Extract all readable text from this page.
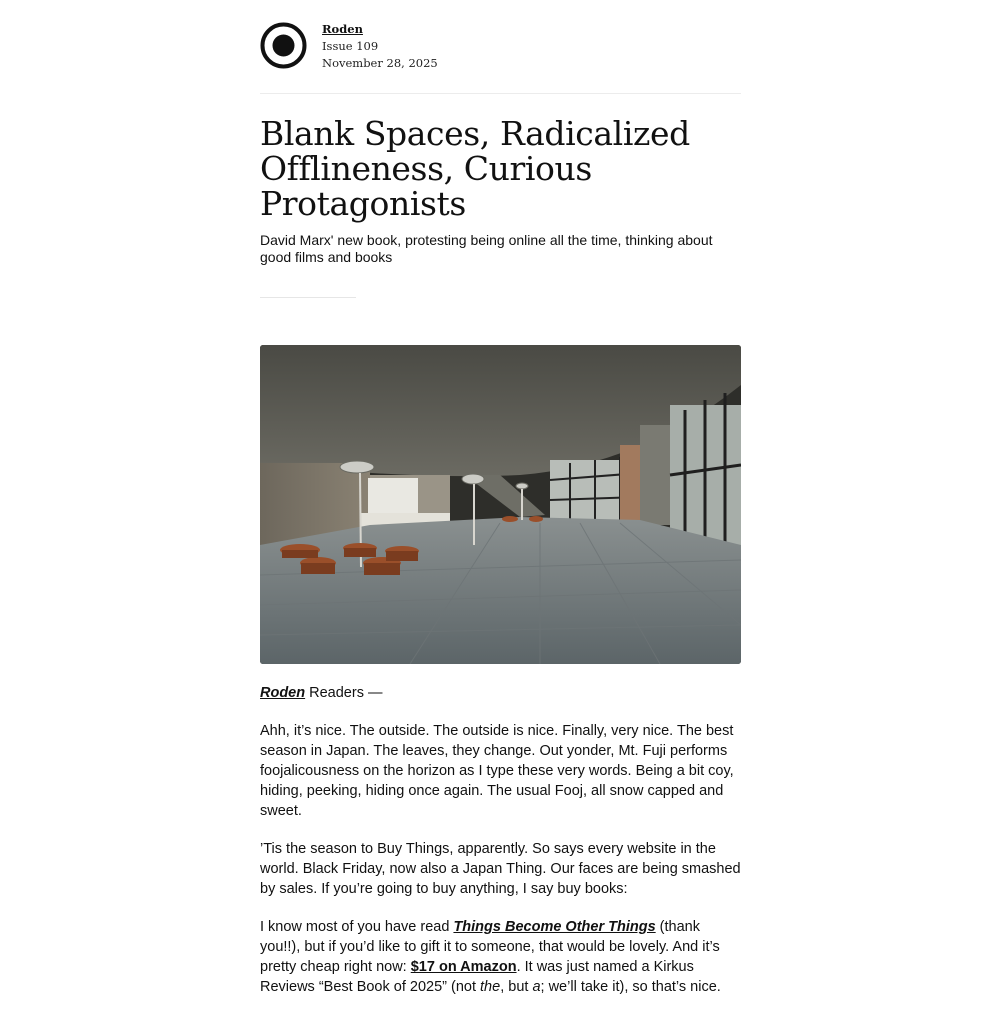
Roden
Issue 109
November 28, 2025
Blank Spaces, Radicalized Offlineness, Curious Protagonists

David Marx' new book, protesting being online all the time, thinking about good films and books

Roden Readers —

Ahh, it’s nice. The outside. The outside is nice. Finally, very nice. The best season in Japan. The leaves, they change. Out yonder, Mt. Fuji performs foojalicousness on the horizon as I type these very words. Being a bit coy, hiding, peeking, hiding once again. The usual Fooj, all snow capped and sweet.

’Tis the season to Buy Things, apparently. So says every website in the world. Black Friday, now also a Japan Thing. Our faces are being smashed by sales. If you’re going to buy anything, I say buy books:

I know most of you have read Things Become Other Things (thank you!!), but if you’d like to gift it to someone, that would be lovely. And it’s pretty cheap right now: $17 on Amazon. It was just named a Kirkus Reviews “Best Book of 2025” (not the, but a; we’ll take it), so that’s nice.
